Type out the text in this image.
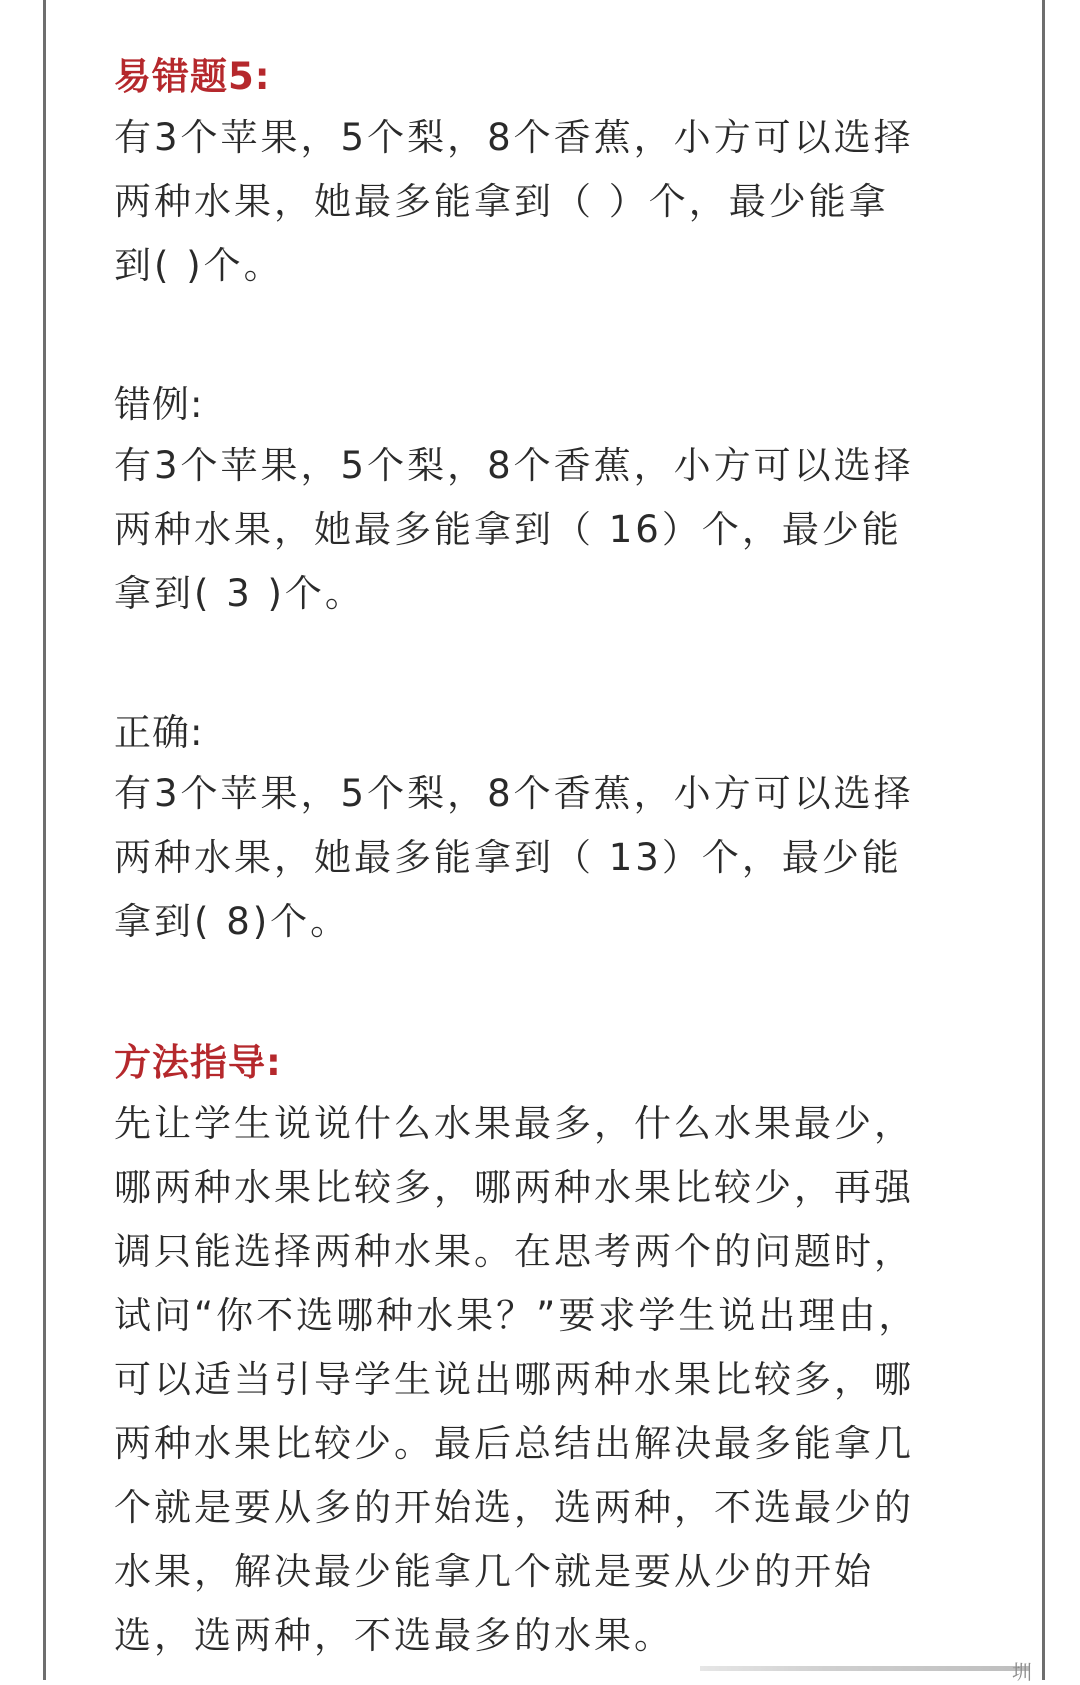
易错题5:

有3个苹果，5个梨，8个香蕉，小方可以选择
两种水果，她最多能拿到（ ）个，最少能拿
到( )个。

错例:

有3个苹果，5个梨，8个香蕉，小方可以选择
两种水果，她最多能拿到（ 16）个，最少能
拿到( 3 )个。

正确:

有3个苹果，5个梨，8个香蕉，小方可以选择
两种水果，她最多能拿到（ 13）个，最少能
拿到( 8)个。

方法指导:

先让学生说说什么水果最多，什么水果最少，
哪两种水果比较多，哪两种水果比较少，再强
调只能选择两种水果。在思考两个的问题时，
试问“你不选哪种水果？”要求学生说出理由，
可以适当引导学生说出哪两种水果比较多，哪
两种水果比较少。最后总结出解决最多能拿几
个就是要从多的开始选，选两种，不选最少的
水果，解决最少能拿几个就是要从少的开始
选，选两种，不选最多的水果。

圳
